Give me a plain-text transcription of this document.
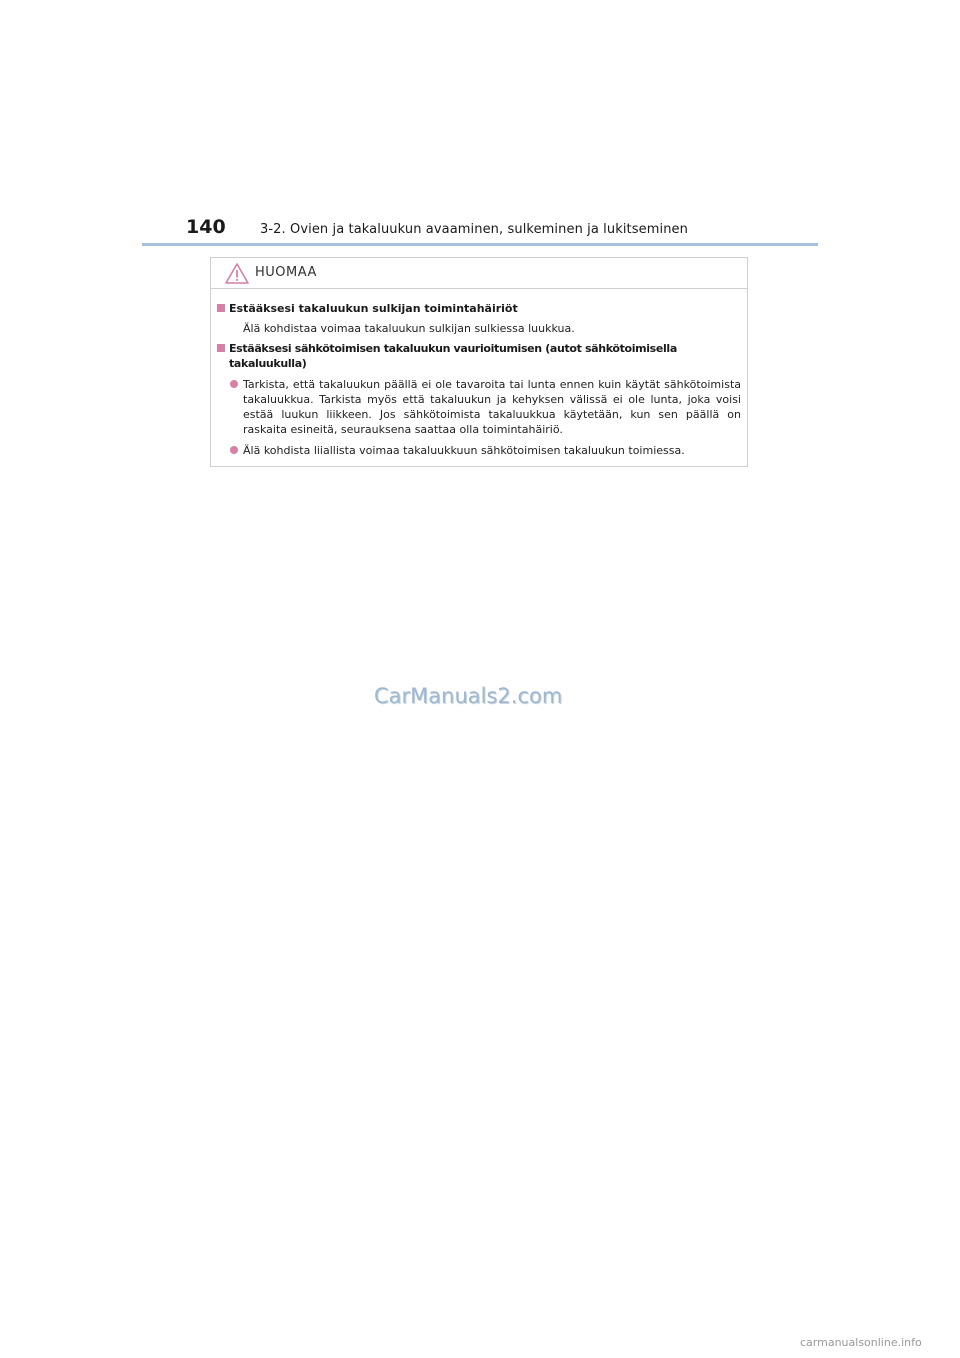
140	3-2. Ovien ja takaluukun avaaminen, sulkeminen ja lukitseminen
HUOMAA
Estääksesi takaluukun sulkijan toimintahäiriöt
Älä kohdistaa voimaa takaluukun sulkijan sulkiessa luukkua.
Estääksesi sähkötoimisen takaluukun vaurioitumisen (autot sähkötoimisella takaluukulla)
Tarkista, että takaluukun päällä ei ole tavaroita tai lunta ennen kuin käytät sähkötoimista takaluukkua. Tarkista myös että takaluukun ja kehyksen välissä ei ole lunta, joka voisi estää luukun liikkeen. Jos sähkötoimista takaluukkua käytetään, kun sen päällä on raskaita esineitä, seurauksena saattaa olla toimintahäiriö.
Älä kohdista liiallista voimaa takaluukkuun sähkötoimisen takaluukun toimiessa.
CarManuals2.com
carmanualsonline.info
